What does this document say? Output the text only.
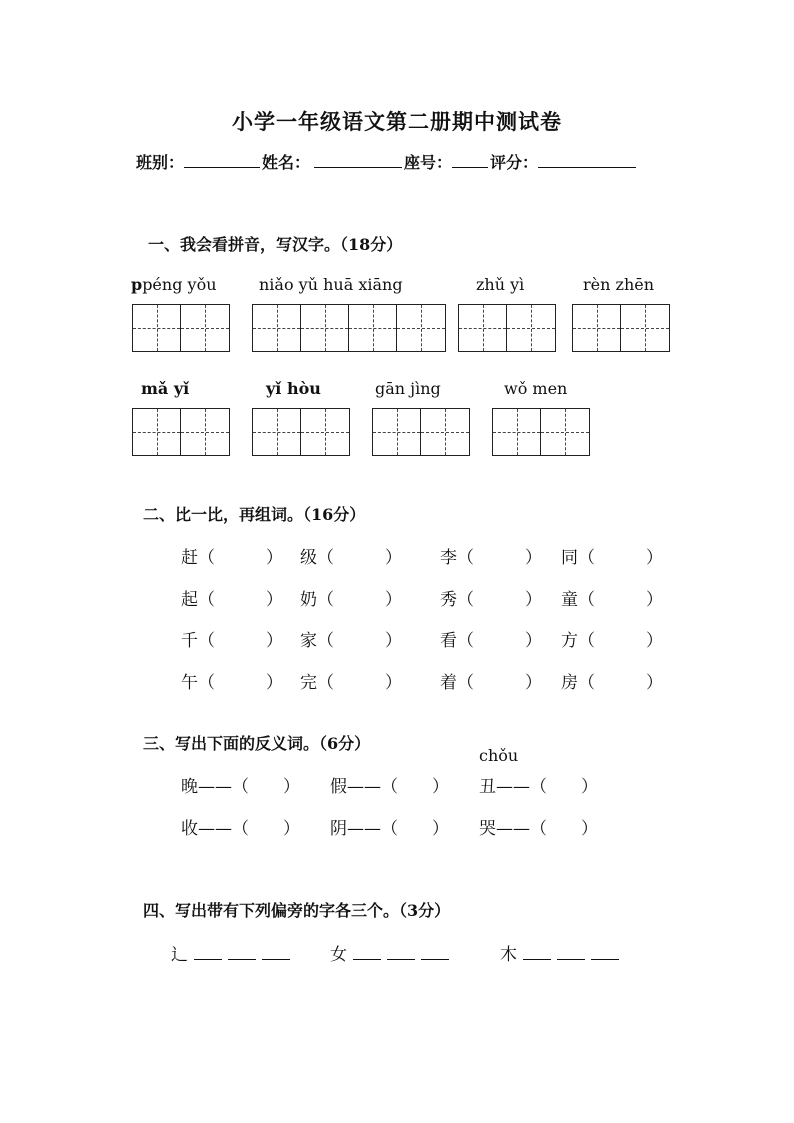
小学一年级语文第二册期中测试卷
班别：	姓名：	座号： 评分：
一、我会看拼音，写汉字。（18分）
ppéng yǒu	niǎo yǔ huā xiāng	zhǔ yì	rèn zhēn
mǎ yǐ	yǐ hòu	gān jìng	wǒ men
二、比一比，再组词。（16分）
赶（　　　） 级（　　　） 李（　　　） 同（　　　）
起（　　　） 奶（　　　） 秀（　　　） 童（　　　）
千（　　　） 家（　　　） 看（　　　） 方（　　　）
午（　　　） 完（　　　） 着（　　　） 房（　　　）
三、写出下面的反义词。（6分）
chǒu
晚——（　　） 假——（　　） 丑——（　　）
收——（　　） 阴——（　　） 哭——（　　）
四、写出带有下列偏旁的字各三个。（3分）
辶	女	木
